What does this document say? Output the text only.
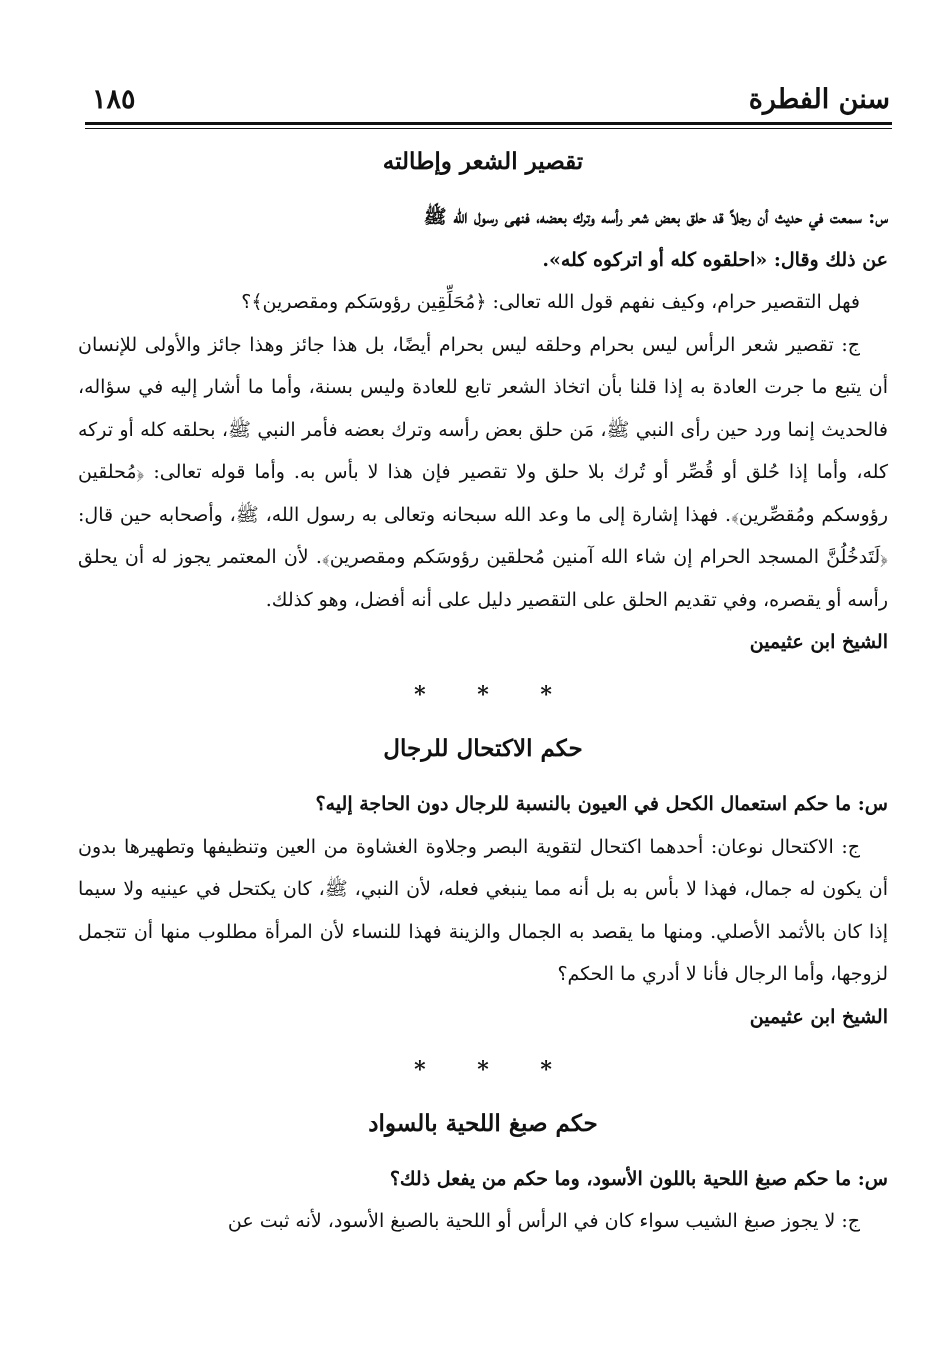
سنن الفطرة
١٨٥
تقصير الشعر وإطالته

س: سمعت في حديث أن رجلاً قد حلق بعض شعر رأسه وترك بعضه، فنهى رسول الله ﷺ

عن ذلك وقال: «احلقوه كله أو اتركوه كله».

فهل التقصير حرام، وكيف نفهم قول الله تعالى: ﴿مُحَلِّقِين رؤوسَكم ومقصرين﴾؟

ج: تقصير شعر الرأس ليس بحرام وحلقه ليس بحرام أيضًا، بل هذا جائز وهذا جائز والأولى للإنسان أن يتبع ما جرت العادة به إذا قلنا بأن اتخاذ الشعر تابع للعادة وليس بسنة، وأما ما أشار إليه في سؤاله، فالحديث إنما ورد حين رأى النبي ﷺ، مَن حلق بعض رأسه وترك بعضه فأمر النبي ﷺ، بحلقه كله أو تركه كله، وأما إذا حُلق أو قُصِّر أو تُرك بلا حلق ولا تقصير فإن هذا لا بأس به. وأما قوله تعالى: ﴿مُحلقين رؤوسكم ومُقصِّرين﴾. فهذا إشارة إلى ما وعد الله سبحانه وتعالى به رسول الله، ﷺ، وأصحابه حين قال: ﴿لَتَدخُلُنَّ المسجد الحرام إن شاء الله آمنين مُحلقين رؤوسَكم ومقصرين﴾. لأن المعتمر يجوز له أن يحلق رأسه أو يقصره، وفي تقديم الحلق على التقصير دليل على أنه أفضل، وهو كذلك.

الشيخ ابن عثيمين

* * *
حكم الاكتحال للرجال

س: ما حكم استعمال الكحل في العيون بالنسبة للرجال دون الحاجة إليه؟

ج: الاكتحال نوعان: أحدهما اكتحال لتقوية البصر وجلاوة الغشاوة من العين وتنظيفها وتطهيرها بدون أن يكون له جمال، فهذا لا بأس به بل أنه مما ينبغي فعله، لأن النبي، ﷺ، كان يكتحل في عينيه ولا سيما إذا كان بالأثمد الأصلي. ومنها ما يقصد به الجمال والزينة فهذا للنساء لأن المرأة مطلوب منها أن تتجمل لزوجها، وأما الرجال فأنا لا أدري ما الحكم؟

الشيخ ابن عثيمين

* * *
حكم صبغ اللحية بالسواد

س: ما حكم صبغ اللحية باللون الأسود، وما حكم من يفعل ذلك؟

ج: لا يجوز صبغ الشيب سواء كان في الرأس أو اللحية بالصبغ الأسود، لأنه ثبت عن
